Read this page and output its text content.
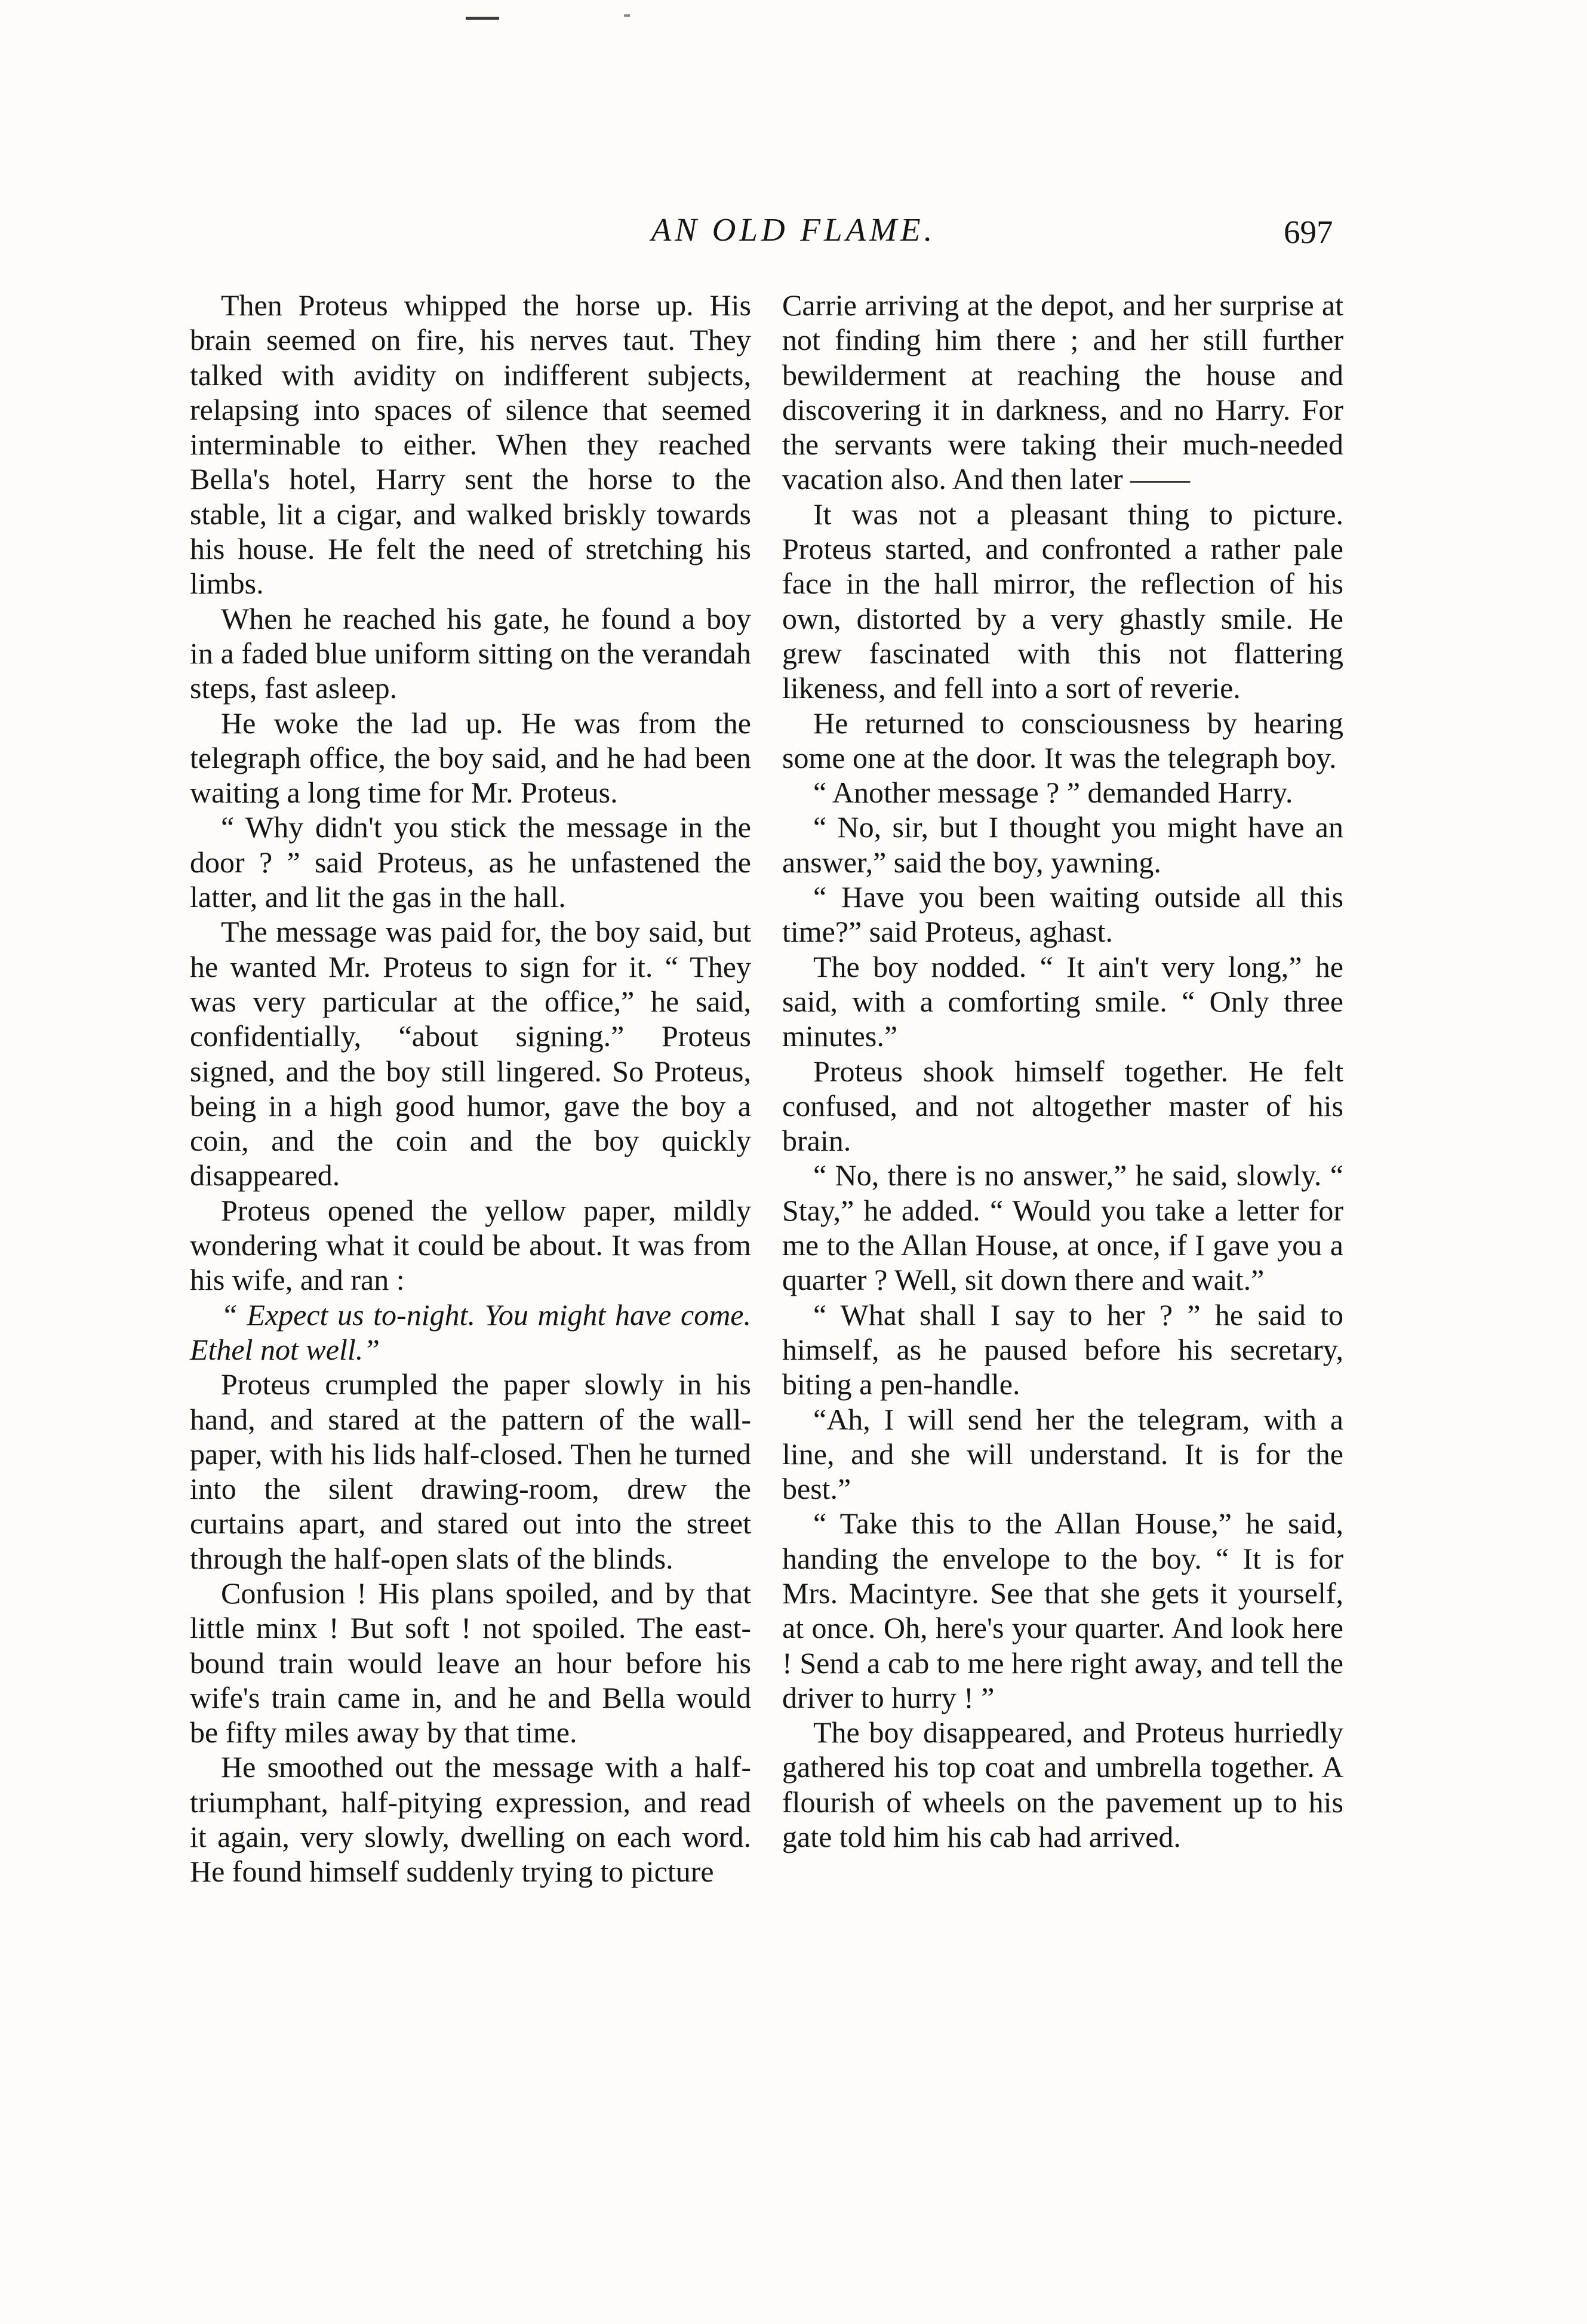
AN OLD FLAME.	697

Then Proteus whipped the horse up. His brain seemed on fire, his nerves taut. They talked with avidity on indifferent subjects, relapsing into spaces of silence that seemed interminable to either. When they reached Bella's hotel, Harry sent the horse to the stable, lit a cigar, and walked briskly towards his house. He felt the need of stretching his limbs.

When he reached his gate, he found a boy in a faded blue uniform sitting on the verandah steps, fast asleep.

He woke the lad up. He was from the telegraph office, the boy said, and he had been waiting a long time for Mr. Proteus.

“ Why didn't you stick the message in the door ? ” said Proteus, as he unfastened the latter, and lit the gas in the hall.

The message was paid for, the boy said, but he wanted Mr. Proteus to sign for it. “ They was very particular at the office,” he said, confidentially, “about signing.” Proteus signed, and the boy still lingered. So Proteus, being in a high good humor, gave the boy a coin, and the coin and the boy quickly disappeared.

Proteus opened the yellow paper, mildly wondering what it could be about. It was from his wife, and ran :

“ Expect us to-night. You might have come. Ethel not well.”

Proteus crumpled the paper slowly in his hand, and stared at the pattern of the wall-paper, with his lids half-closed. Then he turned into the silent drawing-room, drew the curtains apart, and stared out into the street through the half-open slats of the blinds.

Confusion ! His plans spoiled, and by that little minx ! But soft ! not spoiled. The east-bound train would leave an hour before his wife's train came in, and he and Bella would be fifty miles away by that time.

He smoothed out the message with a half-triumphant, half-pitying expression, and read it again, very slowly, dwelling on each word. He found himself suddenly trying to picture

Carrie arriving at the depot, and her surprise at not finding him there ; and her still further bewilderment at reaching the house and discovering it in darkness, and no Harry. For the servants were taking their much-needed vacation also. And then later ——

It was not a pleasant thing to picture. Proteus started, and confronted a rather pale face in the hall mirror, the reflection of his own, distorted by a very ghastly smile. He grew fascinated with this not flattering likeness, and fell into a sort of reverie.

He returned to consciousness by hearing some one at the door. It was the telegraph boy.

“ Another message ? ” demanded Harry.

“ No, sir, but I thought you might have an answer,” said the boy, yawning.

“ Have you been waiting outside all this time?” said Proteus, aghast.

The boy nodded. “ It ain't very long,” he said, with a comforting smile. “ Only three minutes.”

Proteus shook himself together. He felt confused, and not altogether master of his brain.

“ No, there is no answer,” he said, slowly. “ Stay,” he added. “ Would you take a letter for me to the Allan House, at once, if I gave you a quarter ? Well, sit down there and wait.”

“ What shall I say to her ? ” he said to himself, as he paused before his secretary, biting a pen-handle.

“Ah, I will send her the telegram, with a line, and she will understand. It is for the best.”

“ Take this to the Allan House,” he said, handing the envelope to the boy. “ It is for Mrs. Macintyre. See that she gets it yourself, at once. Oh, here's your quarter. And look here ! Send a cab to me here right away, and tell the driver to hurry ! ”

The boy disappeared, and Proteus hurriedly gathered his top coat and umbrella together. A flourish of wheels on the pavement up to his gate told him his cab had arrived.
